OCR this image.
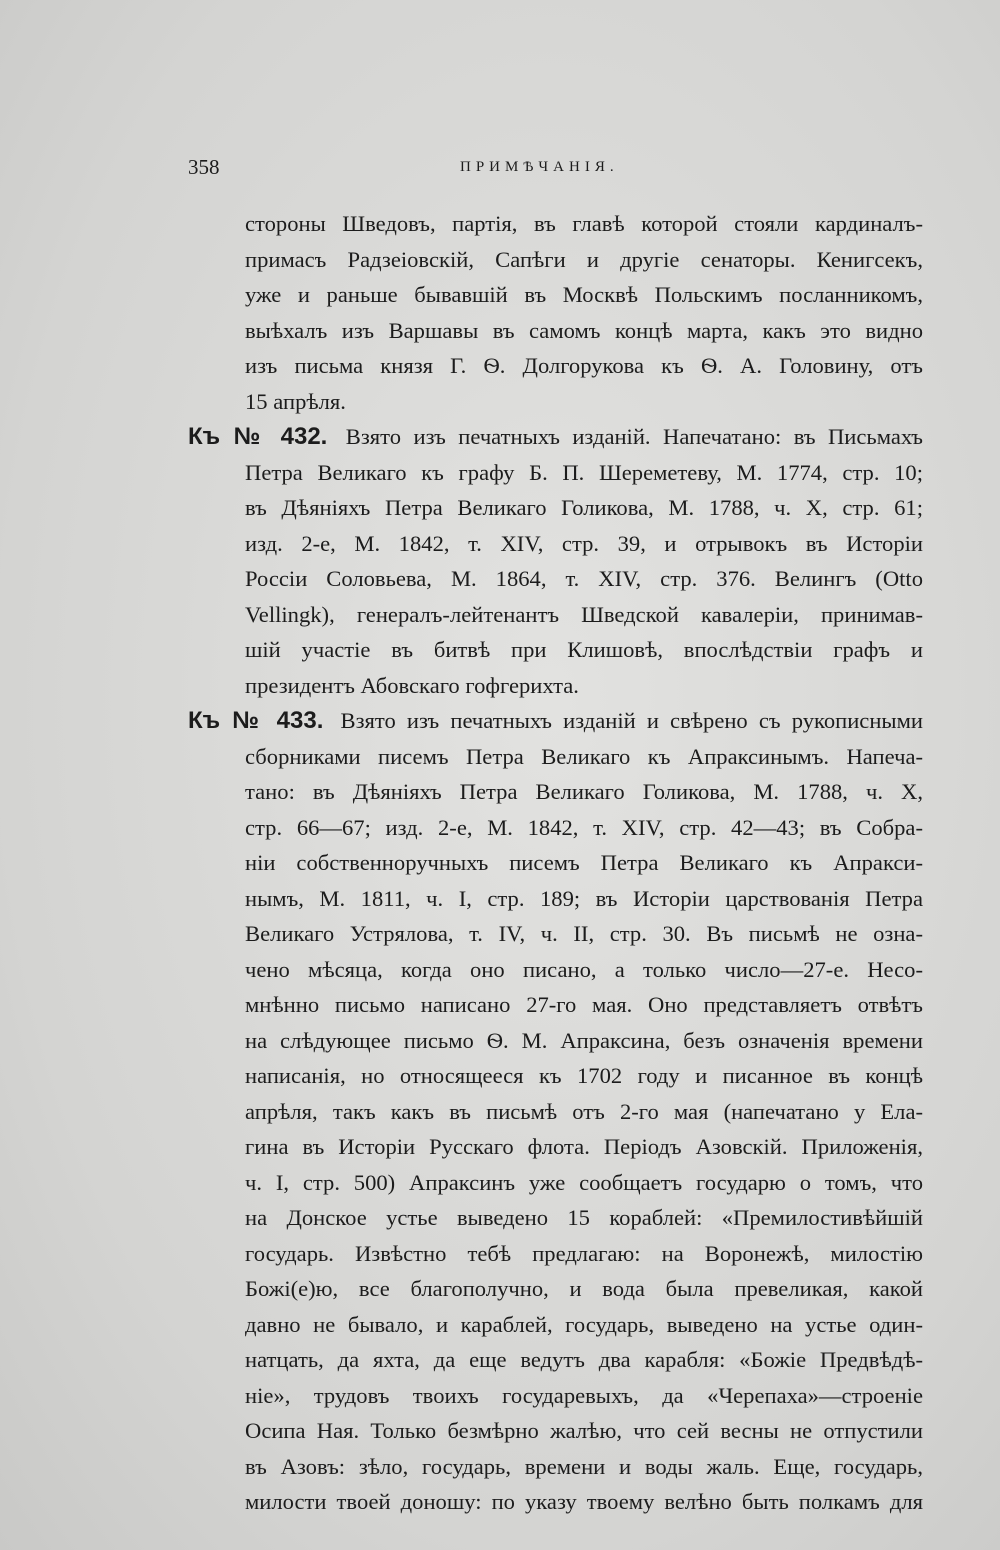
358	ПРИМѢЧАНІЯ.
стороны Шведовъ, партія, въ главѣ которой стояли кардиналъ-
примасъ Радзеіовскій, Сапѣги и другіе сенаторы. Кенигсекъ,
уже и раньше бывавшій въ Москвѣ Польскимъ посланникомъ,
выѣхалъ изъ Варшавы въ самомъ концѣ марта, какъ это видно
изъ письма князя Г. Ѳ. Долгорукова къ Ѳ. А. Головину, отъ
15 апрѣля.
Къ № 432. Взято изъ печатныхъ изданій. Напечатано: въ Письмахъ
Петра Великаго къ графу Б. П. Шереметеву, М. 1774, стр. 10;
въ Дѣяніяхъ Петра Великаго Голикова, М. 1788, ч. X, стр. 61;
изд. 2-е, М. 1842, т. XIV, стр. 39, и отрывокъ въ Исторіи
Россіи Соловьева, М. 1864, т. XIV, стр. 376. Велингъ (Otto
Vellingk), генералъ-лейтенантъ Шведской кавалеріи, принимав-
шій участіе въ битвѣ при Клишовѣ, впослѣдствіи графъ и
президентъ Абовскаго гофгерихта.
Къ № 433. Взято изъ печатныхъ изданій и свѣрено съ рукописными
сборниками писемъ Петра Великаго къ Апраксинымъ. Напеча-
тано: въ Дѣяніяхъ Петра Великаго Голикова, М. 1788, ч. X,
стр. 66—67; изд. 2-е, М. 1842, т. XIV, стр. 42—43; въ Собра-
ніи собственноручныхъ писемъ Петра Великаго къ Апракси-
нымъ, М. 1811, ч. I, стр. 189; въ Исторіи царствованія Петра
Великаго Устрялова, т. IV, ч. II, стр. 30. Въ письмѣ не озна-
чено мѣсяца, когда оно писано, а только число—27-е. Несо-
мнѣнно письмо написано 27-го мая. Оно представляетъ отвѣтъ
на слѣдующее письмо Ѳ. М. Апраксина, безъ означенія времени
написанія, но относящееся къ 1702 году и писанное въ концѣ
апрѣля, такъ какъ въ письмѣ отъ 2-го мая (напечатано у Ела-
гина въ Исторіи Русскаго флота. Періодъ Азовскій. Приложенія,
ч. I, стр. 500) Апраксинъ уже сообщаетъ государю о томъ, что
на Донское устье выведено 15 кораблей: «Премилостивѣйшій
государь. Извѣстно тебѣ предлагаю: на Воронежѣ, милостію
Божі(е)ю, все благополучно, и вода была превеликая, какой
давно не бывало, и караблей, государь, выведено на устье один-
натцать, да яхта, да еще ведутъ два карабля: «Божіе Предвѣдѣ-
ніе», трудовъ твоихъ государевыхъ, да «Черепаха»—строеніе
Осипа Ная. Только безмѣрно жалѣю, что сей весны не отпустили
въ Азовъ: зѣло, государь, времени и воды жаль. Еще, государь,
милости твоей доношу: по указу твоему велѣно быть полкамъ для
